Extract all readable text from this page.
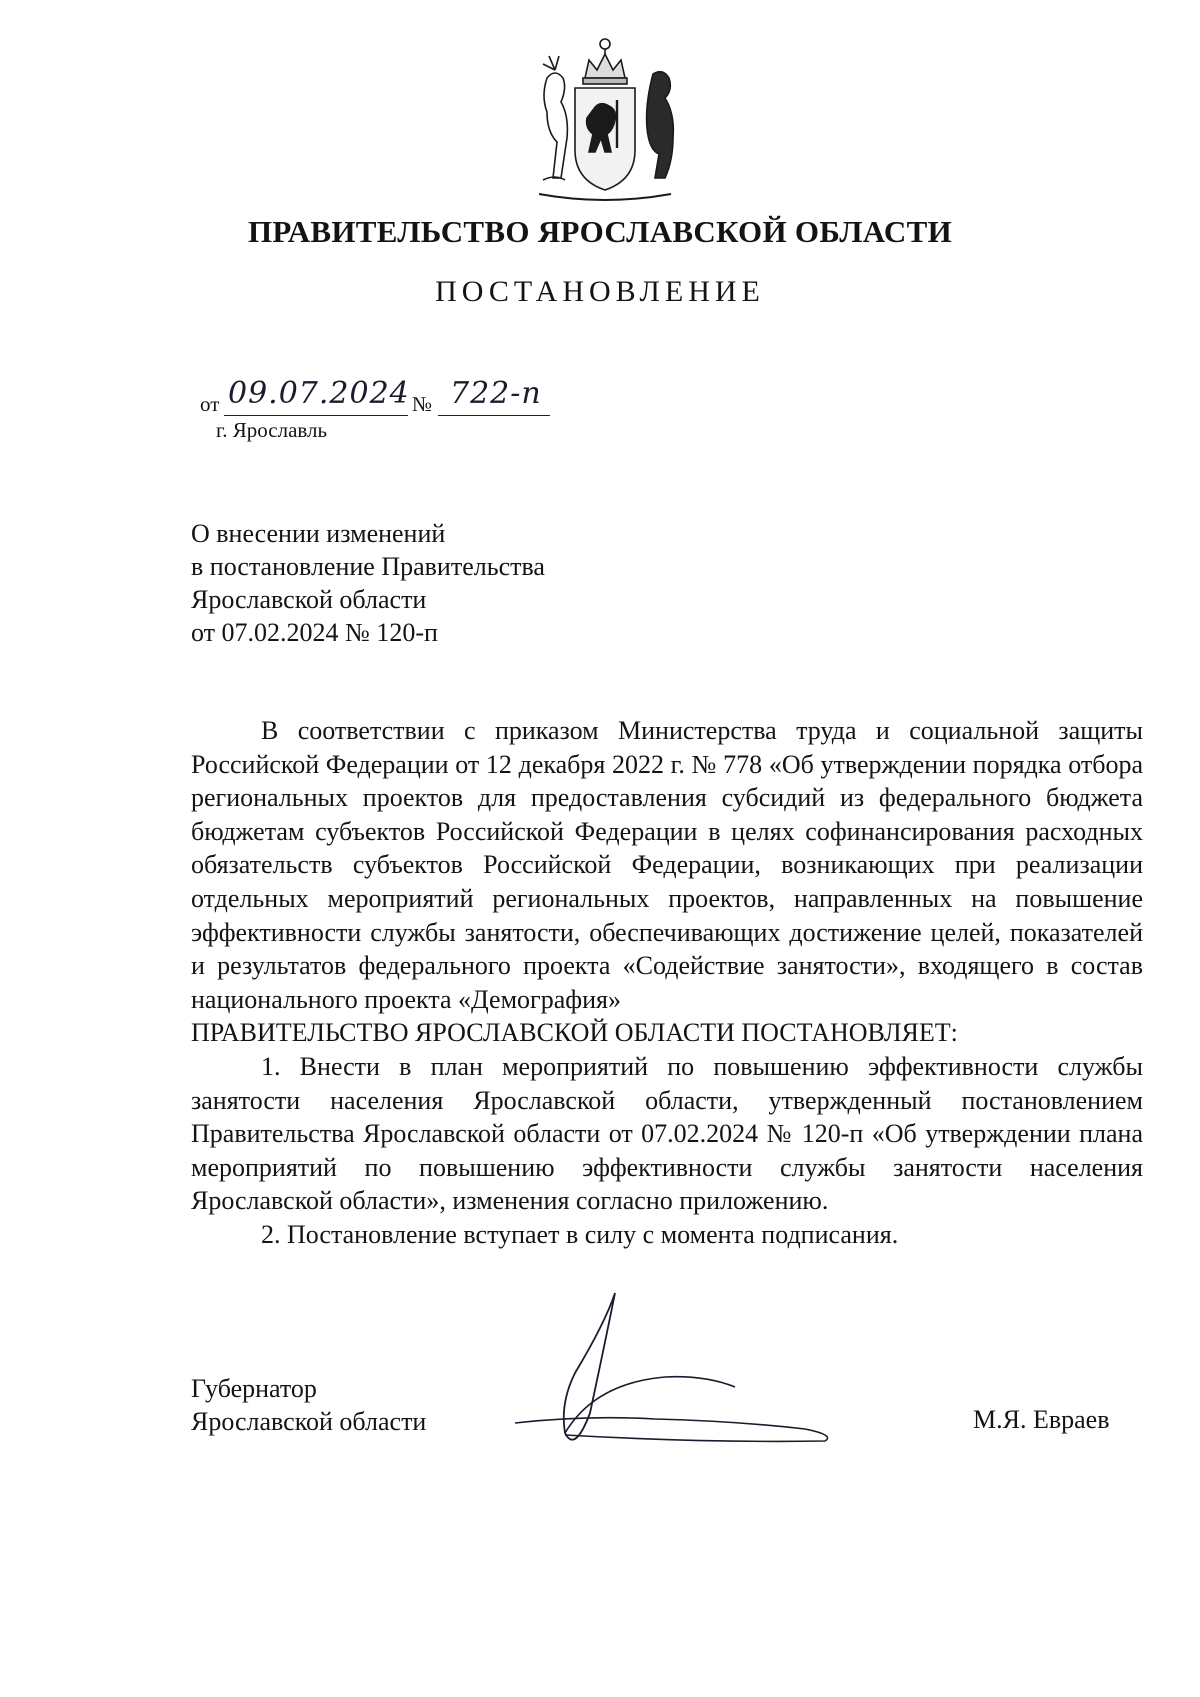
ПРАВИТЕЛЬСТВО ЯРОСЛАВСКОЙ ОБЛАСТИ
ПОСТАНОВЛЕНИЕ
от 09.07.2024 № 722-п
г. Ярославль
О внесении изменений
в постановление Правительства
Ярославской области
от 07.02.2024 № 120-п

В соответствии с приказом Министерства труда и социальной защиты Российской Федерации от 12 декабря 2022 г. № 778 «Об утверждении порядка отбора региональных проектов для предоставления субсидий из федерального бюджета бюджетам субъектов Российской Федерации в целях софинансирования расходных обязательств субъектов Российской Федерации, возникающих при реализации отдельных мероприятий региональных проектов, направленных на повышение эффективности службы занятости, обеспечивающих достижение целей, показателей и результатов федерального проекта «Содействие занятости», входящего в состав национального проекта «Демография»

ПРАВИТЕЛЬСТВО ЯРОСЛАВСКОЙ ОБЛАСТИ ПОСТАНОВЛЯЕТ:

1. Внести в план мероприятий по повышению эффективности службы занятости населения Ярославской области, утвержденный постановлением Правительства Ярославской области от 07.02.2024 № 120-п «Об утверждении плана мероприятий по повышению эффективности службы занятости населения Ярославской области», изменения согласно приложению.

2. Постановление вступает в силу с момента подписания.

Губернатор
Ярославской области	М.Я. Евраев
